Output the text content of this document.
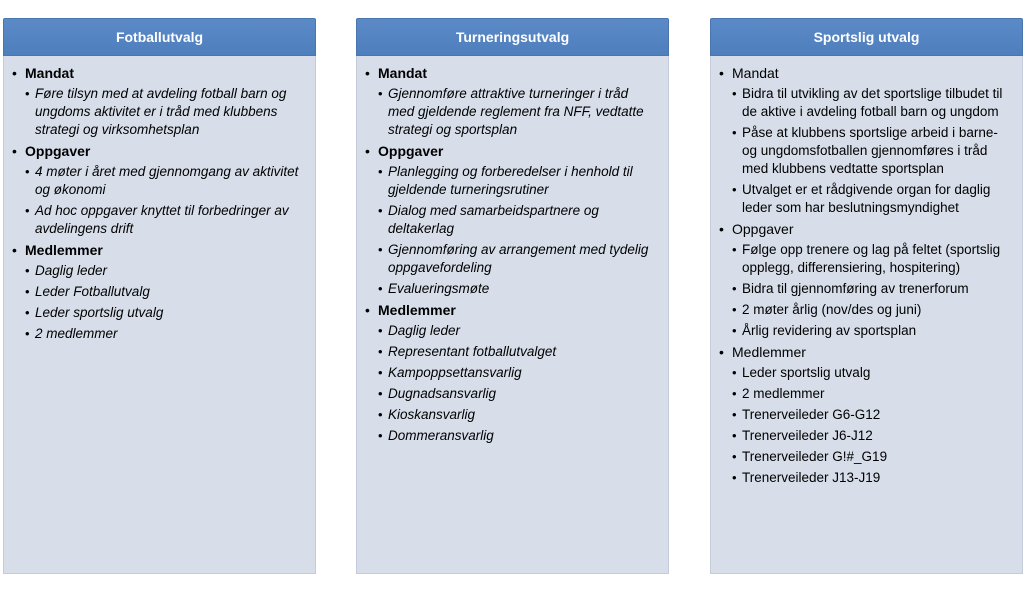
Fotballutvalg
• Mandat
• Føre tilsyn med at avdeling fotball barn og ungdoms aktivitet er i tråd med klubbens strategi og virksomhetsplan
• Oppgaver
• 4 møter i året med gjennomgang av aktivitet og økonomi
• Ad hoc oppgaver knyttet til forbedringer av avdelingens drift
• Medlemmer
• Daglig leder
• Leder Fotballutvalg
• Leder sportslig utvalg
• 2 medlemmer
Turneringsutvalg
• Mandat
• Gjennomføre attraktive turneringer i tråd med gjeldende reglement fra NFF, vedtatte strategi og sportsplan
• Oppgaver
• Planlegging og forberedelser i henhold til gjeldende turneringsrutiner
• Dialog med samarbeidspartnere og deltakerlag
• Gjennomføring av arrangement med tydelig oppgavefordeling
• Evalueringsmøte
• Medlemmer
• Daglig leder
• Representant fotballutvalget
• Kampoppsettansvarlig
• Dugnadsansvarlig
• Kioskansvarlig
• Dommeransvarlig
Sportslig utvalg
• Mandat
• Bidra til utvikling av det sportslige tilbudet til de aktive i avdeling fotball barn og ungdom
• Påse at klubbens sportslige arbeid i barne- og ungdomsfotballen gjennomføres i tråd med klubbens vedtatte sportsplan
• Utvalget er et rådgivende organ for daglig leder som har beslutningsmyndighet
• Oppgaver
• Følge opp trenere og lag på feltet (sportslig opplegg, differensiering, hospitering)
• Bidra til gjennomføring av trenerforum
• 2 møter årlig (nov/des og juni)
• Årlig revidering av sportsplan
• Medlemmer
• Leder sportslig utvalg
• 2 medlemmer
• Trenerveileder G6-G12
• Trenerveileder J6-J12
• Trenerveileder G!#_G19
• Trenerveileder J13-J19
